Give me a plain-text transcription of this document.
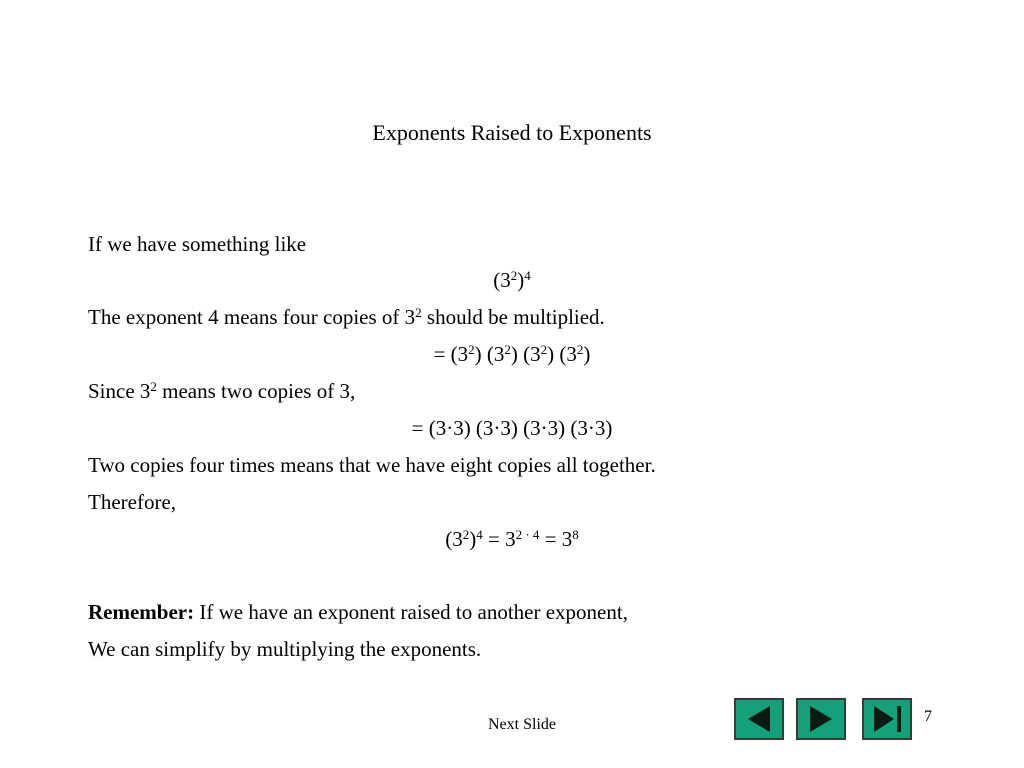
Exponents Raised to Exponents
If we have something like
$(3^2)^4$
The exponent 4 means four copies of $3^2$ should be multiplied.
= $(3^2)$ $(3^2)$ $(3^2)$ $(3^2)$
Since $3^2$ means two copies of 3,
= (3·3) (3·3) (3·3) (3·3)
Two copies four times means that we have eight copies all together.
Therefore,
$(3^2)^4 = 3^{2 \cdot 4} = 3^8$
Remember: If we have an exponent raised to another exponent,
We can simplify by multiplying the exponents.
Next Slide	7
